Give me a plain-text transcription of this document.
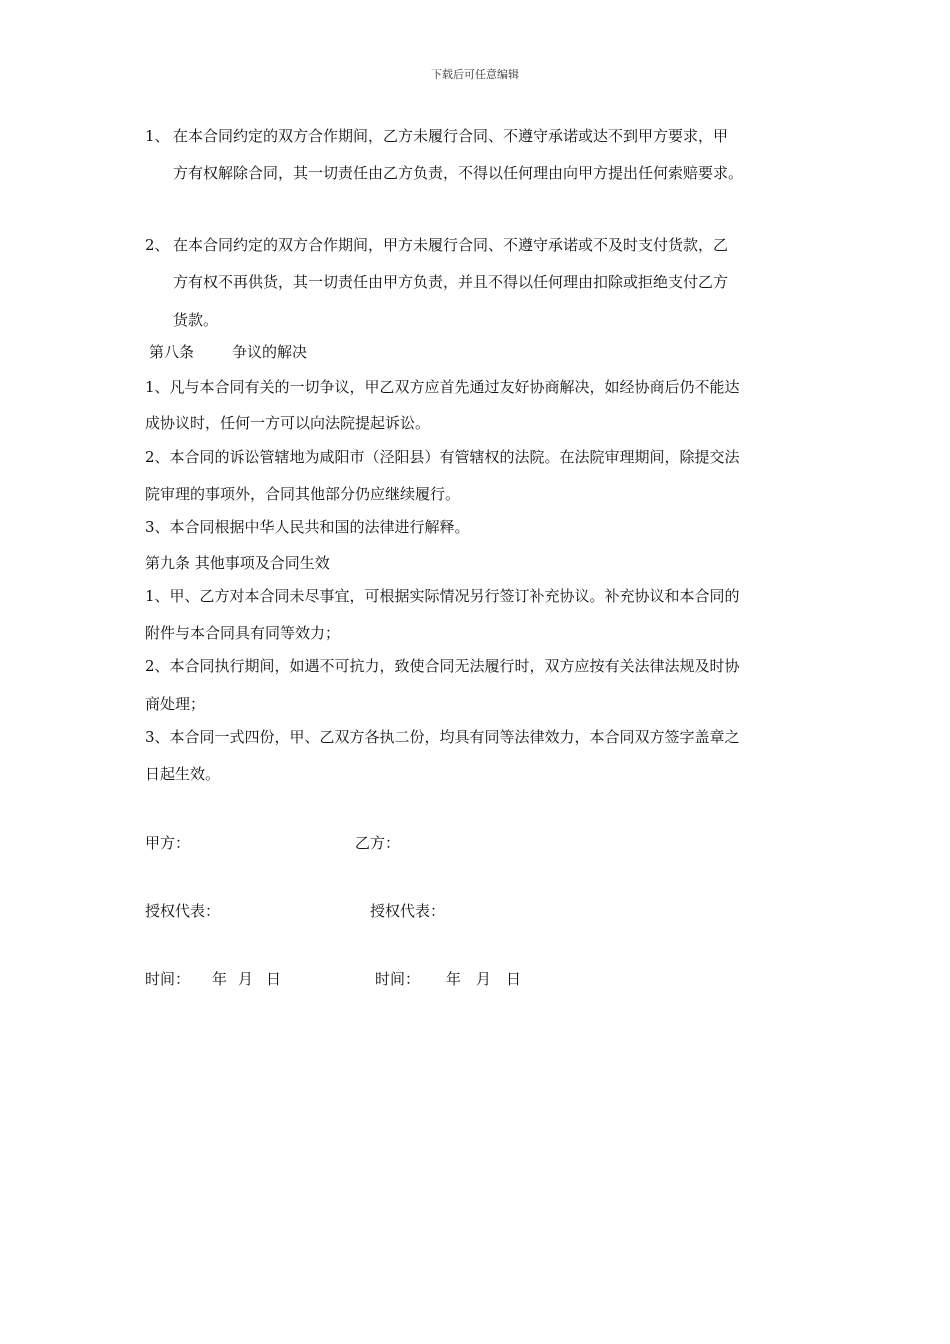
下载后可任意编辑
1、 在本合同约定的双方合作期间，乙方未履行合同、不遵守承诺或达不到甲方要求，甲
方有权解除合同，其一切责任由乙方负责，不得以任何理由向甲方提出任何索赔要求。
2、 在本合同约定的双方合作期间，甲方未履行合同、不遵守承诺或不及时支付货款，乙
方有权不再供货，其一切责任由甲方负责，并且不得以任何理由扣除或拒绝支付乙方
货款。
第八条	争议的解决
1、凡与本合同有关的一切争议，甲乙双方应首先通过友好协商解决，如经协商后仍不能达
成协议时，任何一方可以向法院提起诉讼。
2、本合同的诉讼管辖地为咸阳市（泾阳县）有管辖权的法院。在法院审理期间，除提交法
院审理的事项外，合同其他部分仍应继续履行。
3、本合同根据中华人民共和国的法律进行解释。
第九条 其他事项及合同生效
1、甲、乙方对本合同未尽事宜，可根据实际情况另行签订补充协议。补充协议和本合同的
附件与本合同具有同等效力；
2、本合同执行期间，如遇不可抗力，致使合同无法履行时，双方应按有关法律法规及时协
商处理；
3、本合同一式四份，甲、乙双方各执二份，均具有同等法律效力，本合同双方签字盖章之
日起生效。
甲方：	乙方：
授权代表：	授权代表：
时间： 年 月 日	时间： 年 月 日
